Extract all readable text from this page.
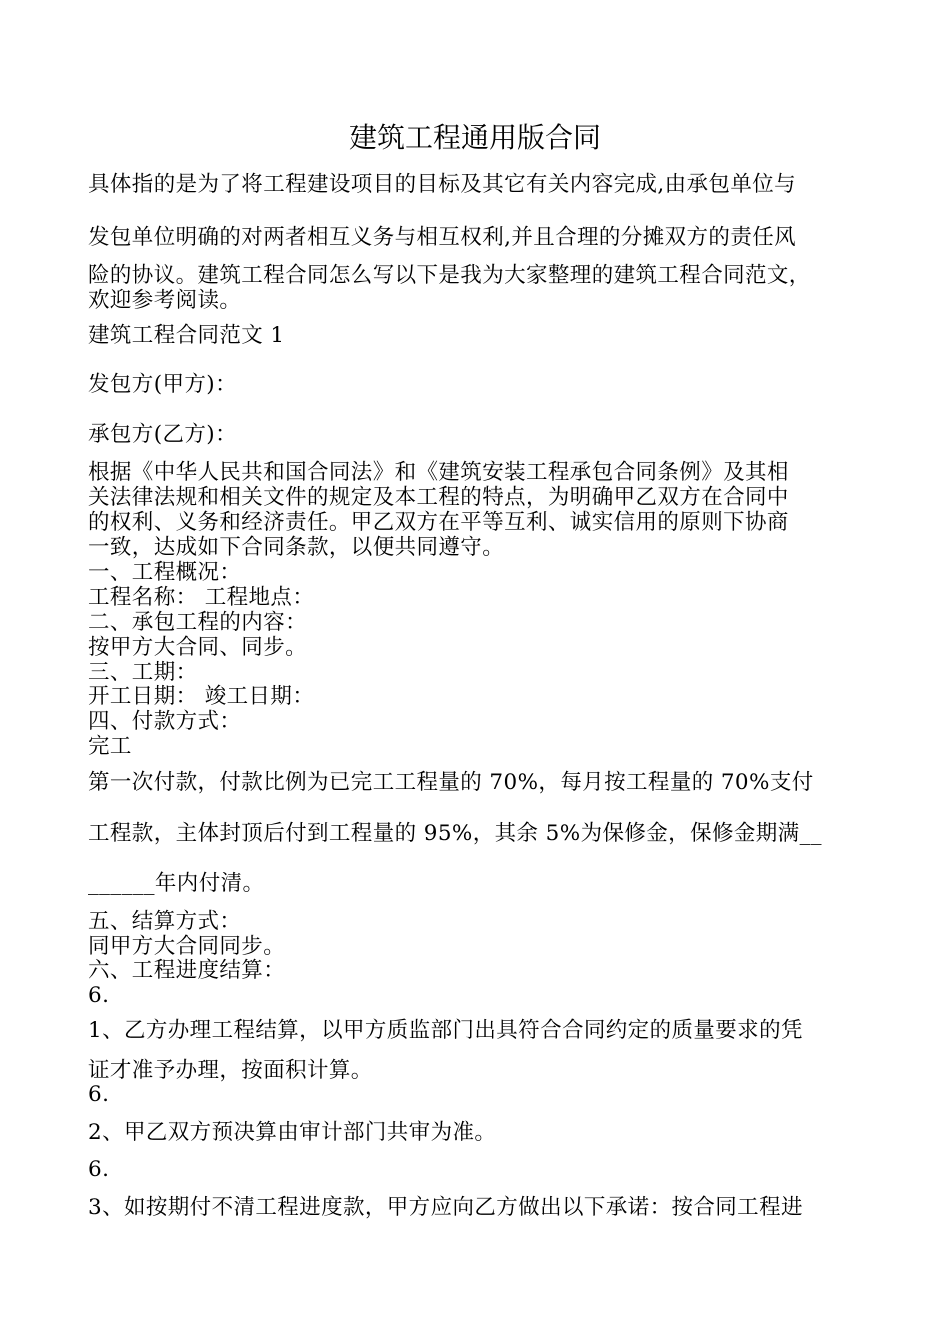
建筑工程通用版合同
具体指的是为了将工程建设项目的目标及其它有关内容完成,由承包单位与
发包单位明确的对两者相互义务与相互权利,并且合理的分摊双方的责任风
险的协议。建筑工程合同怎么写以下是我为大家整理的建筑工程合同范文，
欢迎参考阅读。
建筑工程合同范文 1
发包方(甲方)：
承包方(乙方)：
根据《中华人民共和国合同法》和《建筑安装工程承包合同条例》及其相
关法律法规和相关文件的规定及本工程的特点，为明确甲乙双方在合同中
的权利、义务和经济责任。甲乙双方在平等互利、诚实信用的原则下协商
一致，达成如下合同条款，以便共同遵守。
一、工程概况：
工程名称： 工程地点：
二、承包工程的内容：
按甲方大合同、同步。
三、工期：
开工日期： 竣工日期：
四、付款方式：
完工
第一次付款，付款比例为已完工工程量的 70%，每月按工程量的 70%支付
工程款，主体封顶后付到工程量的 95%，其余 5%为保修金，保修金期满__
______年内付清。
五、结算方式：
同甲方大合同同步。
六、工程进度结算：
6.
1、乙方办理工程结算，以甲方质监部门出具符合合同约定的质量要求的凭
证才准予办理，按面积计算。
6.
2、甲乙双方预决算由审计部门共审为准。
6.
3、如按期付不清工程进度款，甲方应向乙方做出以下承诺：按合同工程进
